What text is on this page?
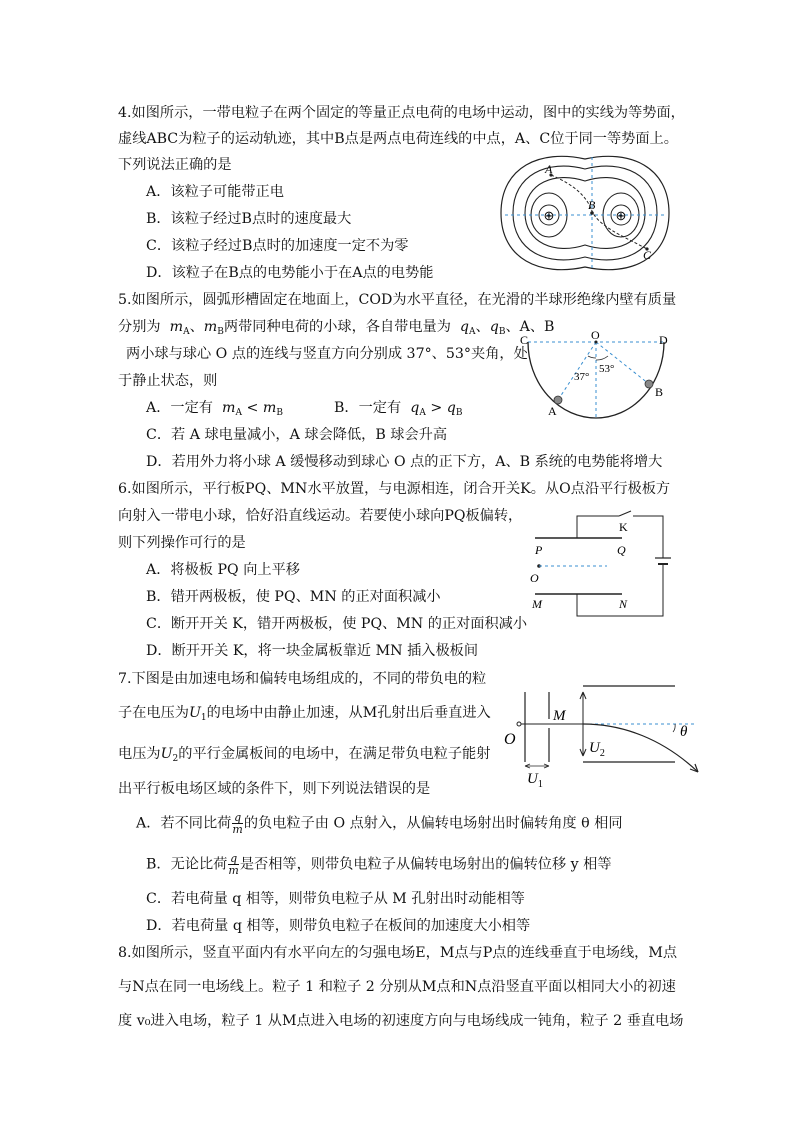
4.如图所示，一带电粒子在两个固定的等量正点电荷的电场中运动，图中的实线为等势面，
虚线ABC为粒子的运动轨迹，其中B点是两点电荷连线的中点，A、C位于同一等势面上。
下列说法正确的是
A．该粒子可能带正电
B．该粒子经过B点时的速度最大
C．该粒子经过B点时的加速度一定不为零
D．该粒子在B点的电势能小于在A点的电势能
⊕	⊕
A
B
C
5.如图所示，圆弧形槽固定在地面上，COD为水平直径，在光滑的半球形绝缘内壁有质量
分别为 $m_A$、$m_B$两带同种电荷的小球，各自带电量为 $q_A$、$q_B$、A、B
两小球与球心 O 点的连线与竖直方向分别成 37°、53°夹角，处
于静止状态，则
A．一定有 $m_A < m_B$	B．一定有 $q_A > q_B$
C．若 A 球电量减小，A 球会降低，B 球会升高
D．若用外力将小球 A 缓慢移动到球心 O 点的正下方，A、B 系统的电势能将增大
C	O	D
37°
53°
A
B
6.如图所示，平行板PQ、MN水平放置，与电源相连，闭合开关K。从O点沿平行极板方
向射入一带电小球，恰好沿直线运动。若要使小球向PQ板偏转，
则下列操作可行的是
A．将极板 PQ 向上平移
B．错开两极板，使 PQ、MN 的正对面积减小
C．断开开关 K，错开两极板，使 PQ、MN 的正对面积减小
D．断开开关 K，将一块金属板靠近 MN 插入极板间
K
P	Q
O
M	N
7.下图是由加速电场和偏转电场组成的，不同的带负电的粒
子在电压为$U_1$的电场中由静止加速，从M孔射出后垂直进入
电压为$U_2$的平行金属板间的电场中，在满足带负电粒子能射
出平行板电场区域的条件下，则下列说法错误的是
A．若不同比荷 $\frac{q}{m}$ 的负电粒子由 O 点射入，从偏转电场射出时偏转角度 θ 相同
B．无论比荷 $\frac{q}{m}$ 是否相等，则带负电粒子从偏转电场射出的偏转位移 y 相等
C．若电荷量 q 相等，则带负电粒子从 M 孔射出时动能相等
D．若电荷量 q 相等，则带负电粒子在板间的加速度大小相等
M
O	$U_2$
$U_1$
θ
8.如图所示，竖直平面内有水平向左的匀强电场E，M点与P点的连线垂直于电场线，M点
与N点在同一电场线上。粒子 1 和粒子 2 分别从M点和N点沿竖直平面以相同大小的初速
度 v₀进入电场，粒子 1 从M点进入电场的初速度方向与电场线成一钝角，粒子 2 垂直电场
